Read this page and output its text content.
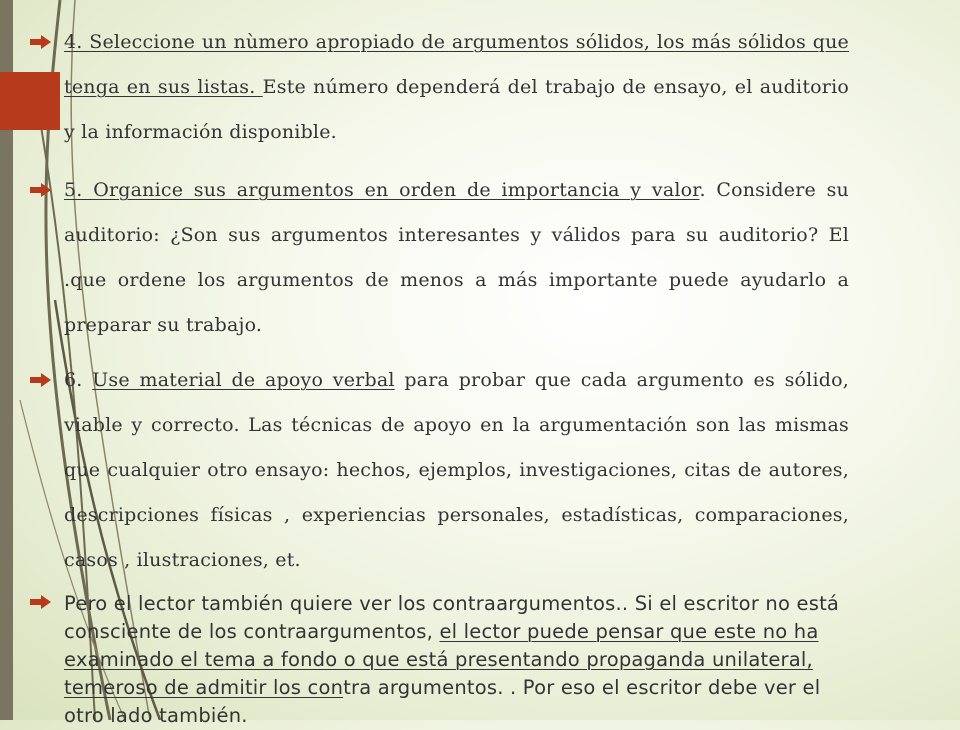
4. Seleccione un nùmero apropiado de argumentos sólidos, los más sólidos que tenga en sus listas. Este número dependerá del trabajo de ensayo, el auditorio y la información disponible.
5. Organice sus argumentos en orden de importancia y valor. Considere su auditorio: ¿Son sus argumentos interesantes y válidos para su auditorio? El .que ordene los argumentos de menos a más importante puede ayudarlo a preparar su trabajo.
6. Use material de apoyo verbal para probar que cada argumento es sólido, viable y correcto. Las técnicas de apoyo en la argumentación son las mismas que cualquier otro ensayo: hechos, ejemplos, investigaciones, citas de autores, descripciones físicas , experiencias personales, estadísticas, comparaciones, casos , ilustraciones, et.
Pero el lector también quiere ver los contraargumentos.. Si el escritor no está consciente de los contraargumentos, el lector puede pensar que este no ha examinado el tema a fondo o que está presentando propaganda unilateral, temeroso de admitir los contra argumentos. . Por eso el escritor debe ver el otro lado también.
